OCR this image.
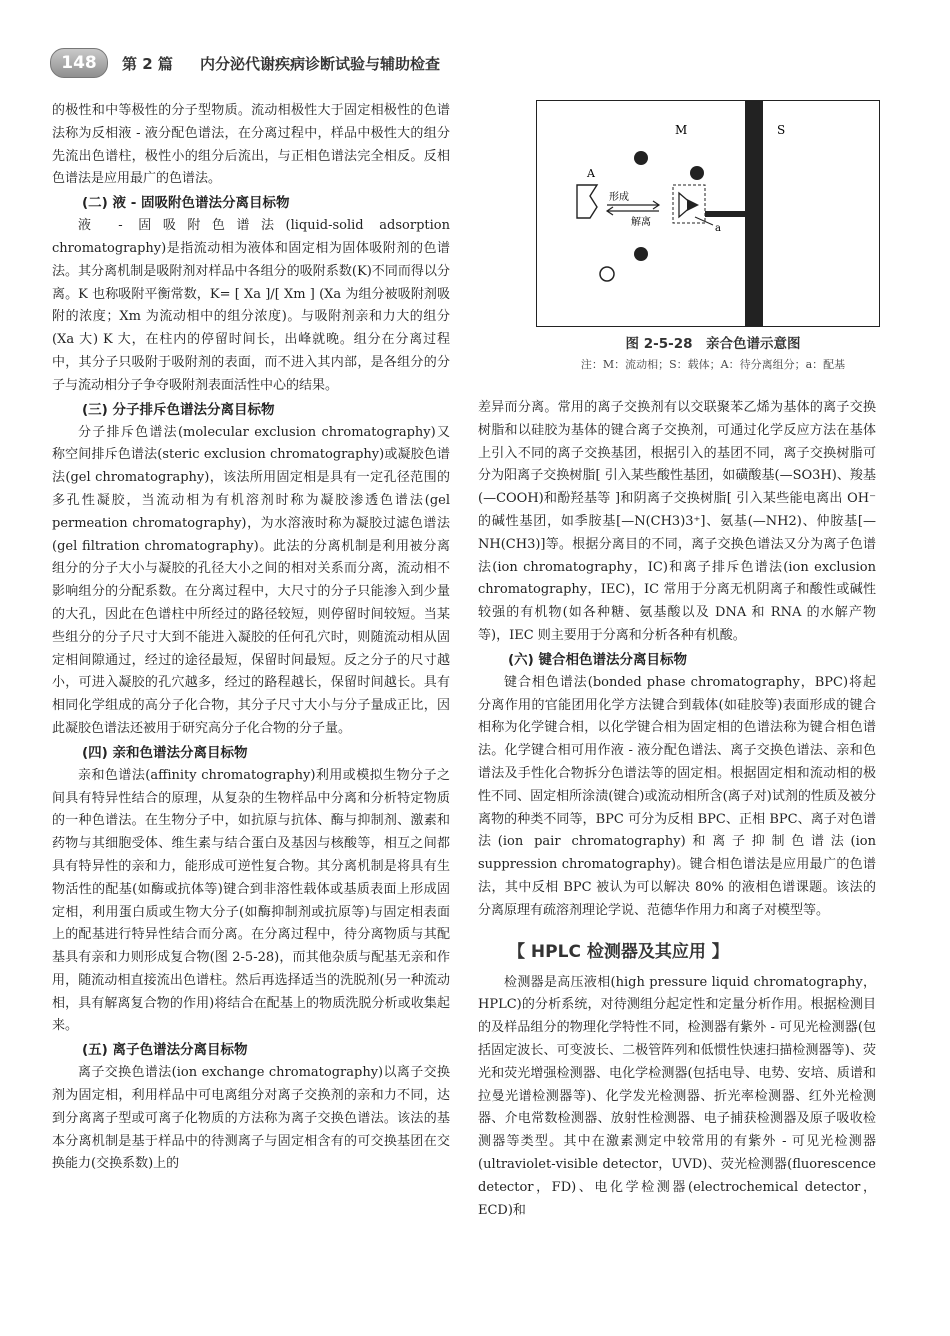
148	第 2 篇 内分泌代谢疾病诊断试验与辅助检查

的极性和中等极性的分子型物质。流动相极性大于固定相极性的色谱法称为反相液 - 液分配色谱法，在分离过程中，样品中极性大的组分先流出色谱柱，极性小的组分后流出，与正相色谱法完全相反。反相色谱法是应用最广的色谱法。

(二) 液 - 固吸附色谱法分离目标物

液 - 固吸附色谱法(liquid-solid adsorption chromatography)是指流动相为液体和固定相为固体吸附剂的色谱法。其分离机制是吸附剂对样品中各组分的吸附系数(K)不同而得以分离。K 也称吸附平衡常数，K= [ Xa ]/[ Xm ] (Xa 为组分被吸附剂吸附的浓度；Xm 为流动相中的组分浓度)。与吸附剂亲和力大的组分(Xa 大) K 大，在柱内的停留时间长，出峰就晚。组分在分离过程中，其分子只吸附于吸附剂的表面，而不进入其内部，是各组分的分子与流动相分子争夺吸附剂表面活性中心的结果。

(三) 分子排斥色谱法分离目标物

分子排斥色谱法(molecular exclusion chromatography)又称空间排斥色谱法(steric exclusion chromatography)或凝胶色谱法(gel chromatography)，该法所用固定相是具有一定孔径范围的多孔性凝胶，当流动相为有机溶剂时称为凝胶渗透色谱法(gel permeation chromatography)，为水溶液时称为凝胶过滤色谱法(gel filtration chromatography)。此法的分离机制是利用被分离组分的分子大小与凝胶的孔径大小之间的相对关系而分离，流动相不影响组分的分配系数。在分离过程中，大尺寸的分子只能渗入到少量的大孔，因此在色谱柱中所经过的路径较短，则停留时间较短。当某些组分的分子尺寸大到不能进入凝胶的任何孔穴时，则随流动相从固定相间隙通过，经过的途径最短，保留时间最短。反之分子的尺寸越小，可进入凝胶的孔穴越多，经过的路程越长，保留时间越长。具有相同化学组成的高分子化合物，其分子尺寸大小与分子量成正比，因此凝胶色谱法还被用于研究高分子化合物的分子量。

(四) 亲和色谱法分离目标物

亲和色谱法(affinity chromatography)利用或模拟生物分子之间具有特异性结合的原理，从复杂的生物样品中分离和分析特定物质的一种色谱法。在生物分子中，如抗原与抗体、酶与抑制剂、激素和药物与其细胞受体、维生素与结合蛋白及基因与核酸等，相互之间都具有特异性的亲和力，能形成可逆性复合物。其分离机制是将具有生物活性的配基(如酶或抗体等)键合到非溶性载体或基质表面上形成固定相，利用蛋白质或生物大分子(如酶抑制剂或抗原等)与固定相表面上的配基进行特异性结合而分离。在分离过程中，待分离物质与其配基具有亲和力则形成复合物(图 2-5-28)，而其他杂质与配基无亲和作用，随流动相直接流出色谱柱。然后再选择适当的洗脱剂(另一种流动相，具有解离复合物的作用)将结合在配基上的物质洗脱分析或收集起来。

(五) 离子色谱法分离目标物

离子交换色谱法(ion exchange chromatography)以离子交换剂为固定相，利用样品中可电离组分对离子交换剂的亲和力不同，达到分离离子型或可离子化物质的方法称为离子交换色谱法。该法的基本分离机制是基于样品中的待测离子与固定相含有的可交换基团在交换能力(交换系数)上的

M	S
A
形成
解离
a
图 2-5-28　亲合色谱示意图
注：M：流动相；S：载体；A：待分离组分；a：配基

差异而分离。常用的离子交换剂有以交联聚苯乙烯为基体的离子交换树脂和以硅胶为基体的键合离子交换剂，可通过化学反应方法在基体上引入不同的离子交换基团，根据引入的基团不同，离子交换树脂可分为阳离子交换树脂[ 引入某些酸性基团，如磺酸基(—SO3H)、羧基(—COOH)和酚羟基等 ]和阴离子交换树脂[ 引入某些能电离出 OH⁻ 的碱性基团，如季胺基[—N(CH3)3⁺]、氨基(—NH2)、仲胺基[—NH(CH3)]等。根据分离目的不同，离子交换色谱法又分为离子色谱法(ion chromatography，IC)和离子排斥色谱法(ion exclusion chromatography，IEC)，IC 常用于分离无机阴离子和酸性或碱性较强的有机物(如各种糖、氨基酸以及 DNA 和 RNA 的水解产物等)，IEC 则主要用于分离和分析各种有机酸。

(六) 键合相色谱法分离目标物

键合相色谱法(bonded phase chromatography，BPC)将起分离作用的官能团用化学方法键合到载体(如硅胶等)表面形成的键合相称为化学键合相，以化学键合相为固定相的色谱法称为键合相色谱法。化学键合相可用作液 - 液分配色谱法、离子交换色谱法、亲和色谱法及手性化合物拆分色谱法等的固定相。根据固定相和流动相的极性不同、固定相所涂渍(键合)或流动相所含(离子对)试剂的性质及被分离物的种类不同等，BPC 可分为反相 BPC、正相 BPC、离子对色谱法(ion pair chromatography)和离子抑制色谱法(ion suppression chromatography)。键合相色谱法是应用最广的色谱法，其中反相 BPC 被认为可以解决 80% 的液相色谱课题。该法的分离原理有疏溶剂理论学说、范德华作用力和离子对模型等。

【 HPLC 检测器及其应用 】

检测器是高压液相(high pressure liquid chromatography，HPLC)的分析系统，对待测组分起定性和定量分析作用。根据检测目的及样品组分的物理化学特性不同，检测器有紫外 - 可见光检测器(包括固定波长、可变波长、二极管阵列和低惯性快速扫描检测器等)、荧光和荧光增强检测器、电化学检测器(包括电导、电势、安培、质谱和拉曼光谱检测器等)、化学发光检测器、折光率检测器、红外光检测器、介电常数检测器、放射性检测器、电子捕获检测器及原子吸收检测器等类型。其中在激素测定中较常用的有紫外 - 可见光检测器(ultraviolet-visible detector，UVD)、荧光检测器(fluorescence detector，FD)、电化学检测器(electrochemical detector，ECD)和
